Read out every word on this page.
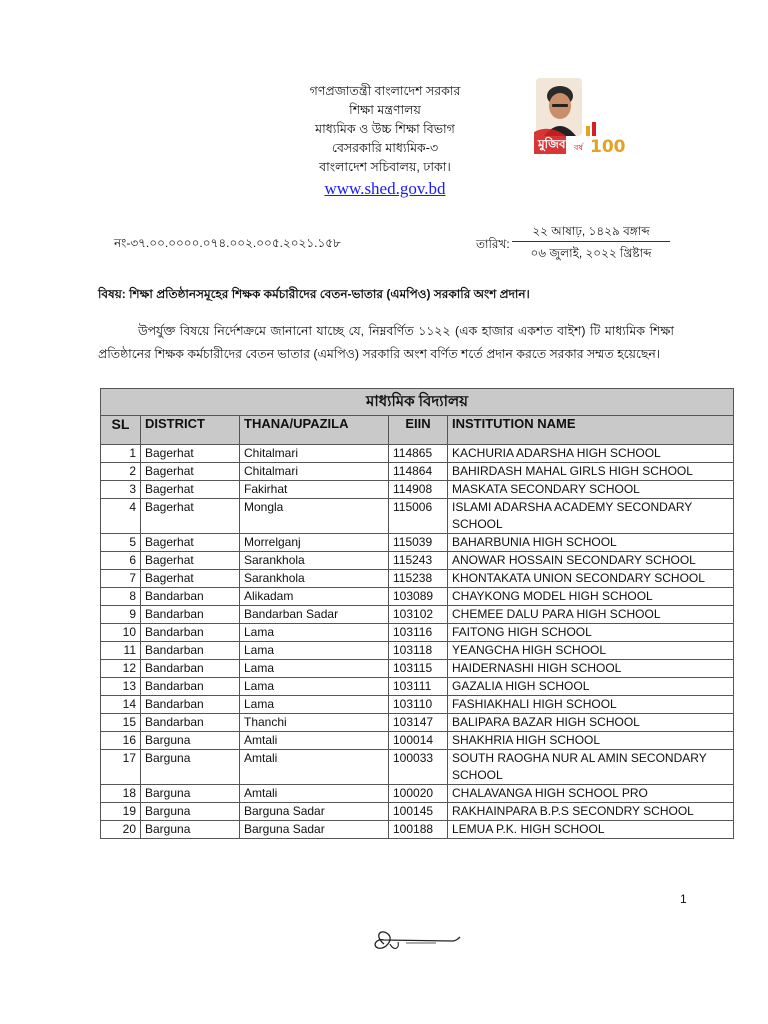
গণপ্রজাতন্ত্রী বাংলাদেশ সরকার
শিক্ষা মন্ত্রণালয়
মাধ্যমিক ও উচ্চ শিক্ষা বিভাগ
বেসরকারি মাধ্যমিক-৩
বাংলাদেশ সচিবালয়, ঢাকা।
www.shed.gov.bd
মুজিব বর্ষ 100
নং-৩৭.০০.০০০০.০৭৪.০০২.০০৫.২০২১.১৫৮	তারিখ:
২২ আষাঢ়, ১৪২৯ বঙ্গাব্দ
০৬ জুলাই, ২০২২ খ্রিষ্টাব্দ
বিষয়: শিক্ষা প্রতিষ্ঠানসমূহের শিক্ষক কর্মচারীদের বেতন-ভাতার (এমপিও) সরকারি অংশ প্রদান।
উপর্যুক্ত বিষয়ে নির্দেশক্রমে জানানো যাচ্ছে যে, নিম্নবর্ণিত ১১২২ (এক হাজার একশত বাইশ) টি মাধ্যমিক শিক্ষা প্রতিষ্ঠানের শিক্ষক কর্মচারীদের বেতন ভাতার (এমপিও) সরকারি অংশ বর্ণিত শর্তে প্রদান করতে সরকার সম্মত হয়েছেন।
মাধ্যমিক বিদ্যালয়				
SL	DISTRICT	THANA/UPAZILA	EIIN	INSTITUTION NAME
1	Bagerhat	Chitalmari	114865	KACHURIA ADARSHA HIGH SCHOOL
2	Bagerhat	Chitalmari	114864	BAHIRDASH MAHAL GIRLS HIGH SCHOOL
3	Bagerhat	Fakirhat	114908	MASKATA SECONDARY SCHOOL
4	Bagerhat	Mongla	115006	ISLAMI ADARSHA ACADEMY SECONDARY SCHOOL
5	Bagerhat	Morrelganj	115039	BAHARBUNIA HIGH SCHOOL
6	Bagerhat	Sarankhola	115243	ANOWAR HOSSAIN SECONDARY SCHOOL
7	Bagerhat	Sarankhola	115238	KHONTAKATA UNION SECONDARY SCHOOL
8	Bandarban	Alikadam	103089	CHAYKONG MODEL HIGH SCHOOL
9	Bandarban	Bandarban Sadar	103102	CHEMEE DALU PARA HIGH SCHOOL
10	Bandarban	Lama	103116	FAITONG HIGH SCHOOL
11	Bandarban	Lama	103118	YEANGCHA HIGH SCHOOL
12	Bandarban	Lama	103115	HAIDERNASHI HIGH SCHOOL
13	Bandarban	Lama	103111	GAZALIA HIGH SCHOOL
14	Bandarban	Lama	103110	FASHIAKHALI HIGH SCHOOL
15	Bandarban	Thanchi	103147	BALIPARA BAZAR HIGH SCHOOL
16	Barguna	Amtali	100014	SHAKHRIA HIGH SCHOOL
17	Barguna	Amtali	100033	SOUTH RAOGHA NUR AL AMIN SECONDARY SCHOOL
18	Barguna	Amtali	100020	CHALAVANGA HIGH SCHOOL PRO
19	Barguna	Barguna Sadar	100145	RAKHAINPARA B.P.S SECONDRY SCHOOL
20	Barguna	Barguna Sadar	100188	LEMUA P.K. HIGH SCHOOL
1
